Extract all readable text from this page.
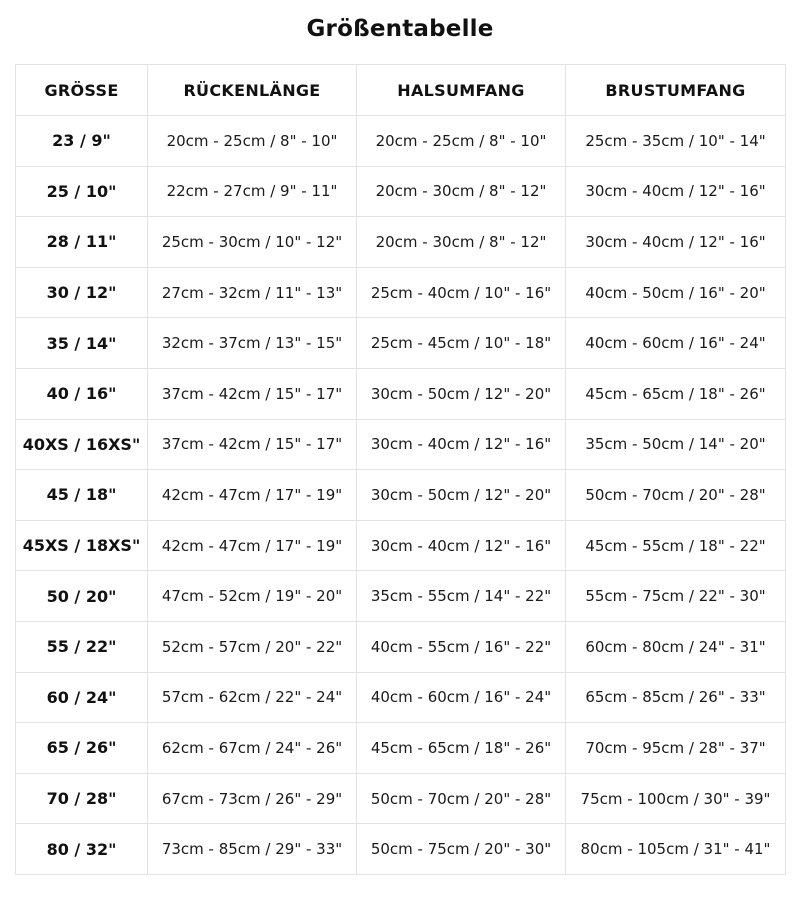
Größentabelle
GRÖSSE	RÜCKENLÄNGE	HALSUMFANG	BRUSTUMFANG
23 / 9"	20cm - 25cm / 8" - 10"	20cm - 25cm / 8" - 10"	25cm - 35cm / 10" - 14"
25 / 10"	22cm - 27cm / 9" - 11"	20cm - 30cm / 8" - 12"	30cm - 40cm / 12" - 16"
28 / 11"	25cm - 30cm / 10" - 12"	20cm - 30cm / 8" - 12"	30cm - 40cm / 12" - 16"
30 / 12"	27cm - 32cm / 11" - 13"	25cm - 40cm / 10" - 16"	40cm - 50cm / 16" - 20"
35 / 14"	32cm - 37cm / 13" - 15"	25cm - 45cm / 10" - 18"	40cm - 60cm / 16" - 24"
40 / 16"	37cm - 42cm / 15" - 17"	30cm - 50cm / 12" - 20"	45cm - 65cm / 18" - 26"
40XS / 16XS"	37cm - 42cm / 15" - 17"	30cm - 40cm / 12" - 16"	35cm - 50cm / 14" - 20"
45 / 18"	42cm - 47cm / 17" - 19"	30cm - 50cm / 12" - 20"	50cm - 70cm / 20" - 28"
45XS / 18XS"	42cm - 47cm / 17" - 19"	30cm - 40cm / 12" - 16"	45cm - 55cm / 18" - 22"
50 / 20"	47cm - 52cm / 19" - 20"	35cm - 55cm / 14" - 22"	55cm - 75cm / 22" - 30"
55 / 22"	52cm - 57cm / 20" - 22"	40cm - 55cm / 16" - 22"	60cm - 80cm / 24" - 31"
60 / 24"	57cm - 62cm / 22" - 24"	40cm - 60cm / 16" - 24"	65cm - 85cm / 26" - 33"
65 / 26"	62cm - 67cm / 24" - 26"	45cm - 65cm / 18" - 26"	70cm - 95cm / 28" - 37"
70 / 28"	67cm - 73cm / 26" - 29"	50cm - 70cm / 20" - 28"	75cm - 100cm / 30" - 39"
80 / 32"	73cm - 85cm / 29" - 33"	50cm - 75cm / 20" - 30"	80cm - 105cm / 31" - 41"
